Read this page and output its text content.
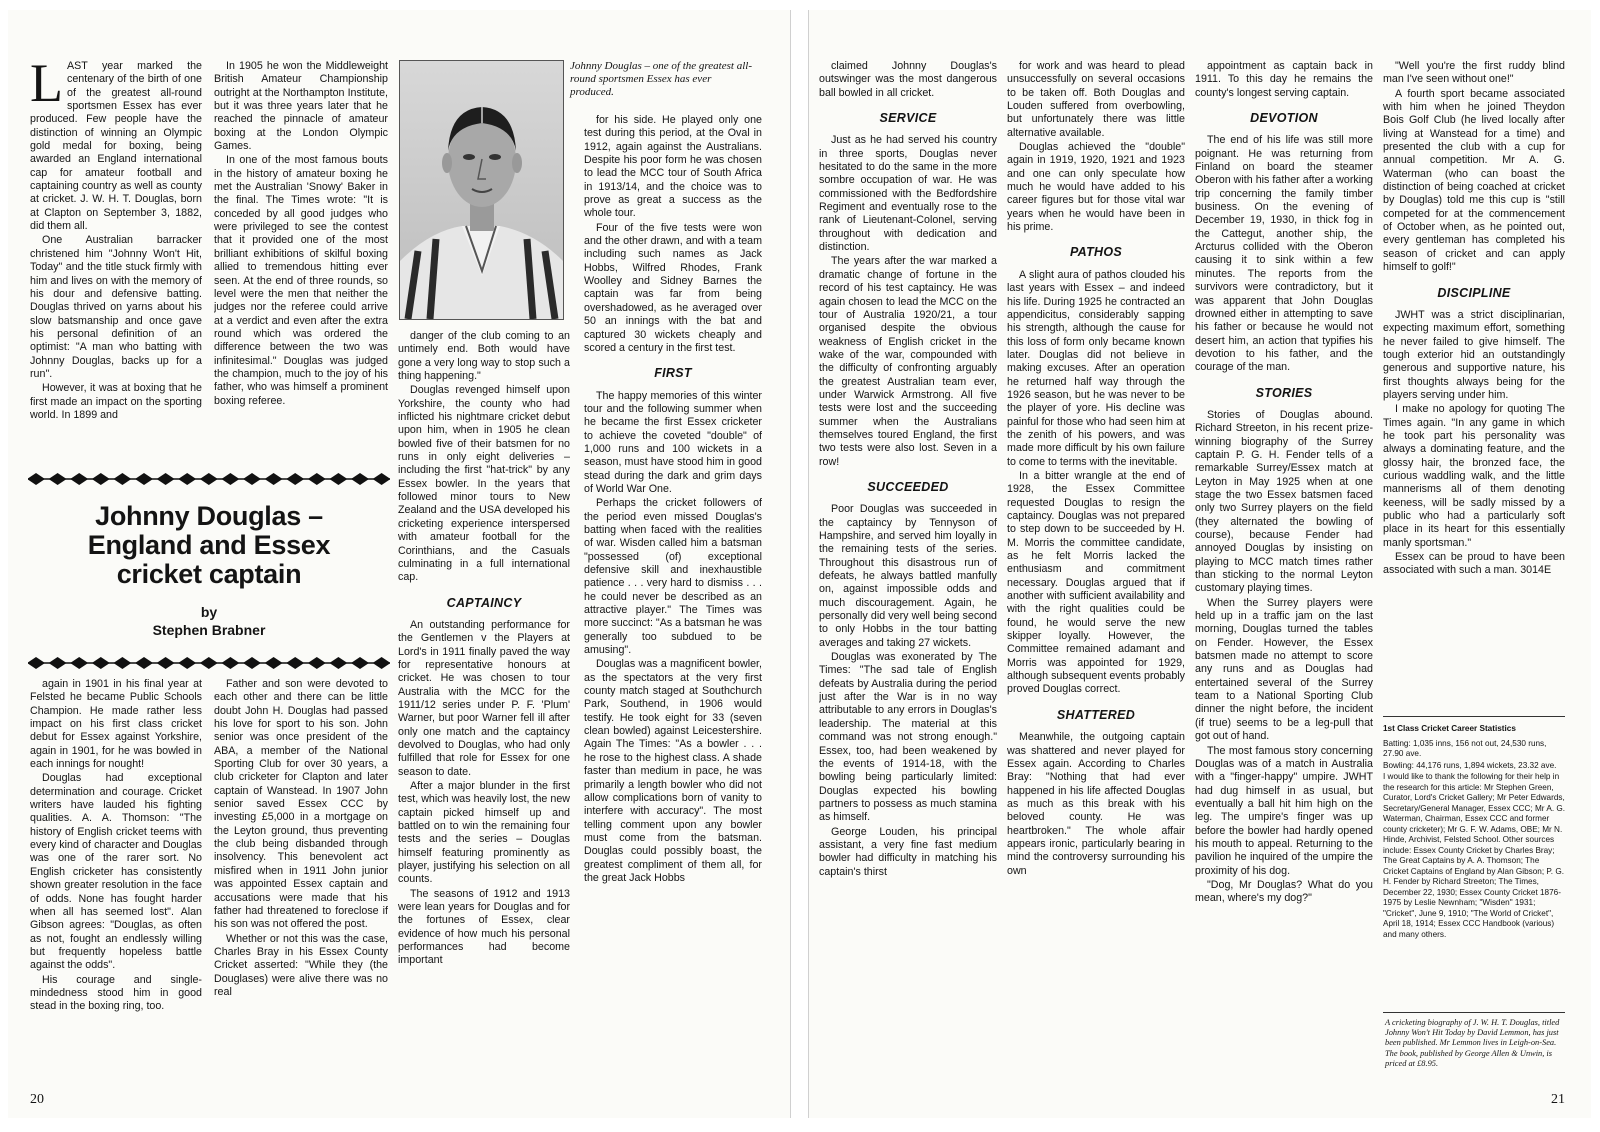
L AST year marked the centenary of the birth of one of the greatest all-round sportsmen Essex has ever produced. Few people have the distinction of winning an Olympic gold medal for boxing, being awarded an England international cap for amateur football and captaining country as well as county at cricket. J. W. H. T. Douglas, born at Clapton on September 3, 1882, did them all.

One Australian barracker christened him "Johnny Won't Hit, Today" and the title stuck firmly with him and lives on with the memory of his dour and defensive batting. Douglas thrived on yarns about his slow batsmanship and once gave his personal definition of an optimist: "A man who batting with Johnny Douglas, backs up for a run".

However, it was at boxing that he first made an impact on the sporting world. In 1899 and

In 1905 he won the Middleweight British Amateur Championship outright at the Northampton Institute, but it was three years later that he reached the pinnacle of amateur boxing at the London Olympic Games.

In one of the most famous bouts in the history of amateur boxing he met the Australian 'Snowy' Baker in the final. The Times wrote: "It is conceded by all good judges who were privileged to see the contest that it provided one of the most brilliant exhibitions of skilful boxing allied to tremendous hitting ever seen. At the end of three rounds, so level were the men that neither the judges nor the referee could arrive at a verdict and even after the extra round which was ordered the difference between the two was infinitesimal." Douglas was judged the champion, much to the joy of his father, who was himself a prominent boxing referee.

Johnny Douglas – one of the greatest all-round sportsmen Essex has ever produced.

danger of the club coming to an untimely end. Both would have gone a very long way to stop such a thing happening."

Douglas revenged himself upon Yorkshire, the county who had inflicted his nightmare cricket debut upon him, when in 1905 he clean bowled five of their batsmen for no runs in only eight deliveries – including the first "hat-trick" by any Essex bowler. In the years that followed minor tours to New Zealand and the USA developed his cricketing experience interspersed with amateur football for the Corinthians, and the Casuals culminating in a full international cap.

CAPTAINCY

An outstanding performance for the Gentlemen v the Players at Lord's in 1911 finally paved the way for representative honours at cricket. He was chosen to tour Australia with the MCC for the 1911/12 series under P. F. 'Plum' Warner, but poor Warner fell ill after only one match and the captaincy devolved to Douglas, who had only fulfilled that role for Essex for one season to date.

After a major blunder in the first test, which was heavily lost, the new captain picked himself up and battled on to win the remaining four tests and the series – Douglas himself featuring prominently as player, justifying his selection on all counts.

The seasons of 1912 and 1913 were lean years for Douglas and for the fortunes of Essex, clear evidence of how much his personal performances had become important

for his side. He played only one test during this period, at the Oval in 1912, again against the Australians. Despite his poor form he was chosen to lead the MCC tour of South Africa in 1913/14, and the choice was to prove as great a success as the whole tour.

Four of the five tests were won and the other drawn, and with a team including such names as Jack Hobbs, Wilfred Rhodes, Frank Woolley and Sidney Barnes the captain was far from being overshadowed, as he averaged over 50 an innings with the bat and captured 30 wickets cheaply and scored a century in the first test.

FIRST

The happy memories of this winter tour and the following summer when he became the first Essex cricketer to achieve the coveted "double" of 1,000 runs and 100 wickets in a season, must have stood him in good stead during the dark and grim days of World War One.

Perhaps the cricket followers of the period even missed Douglas's batting when faced with the realities of war. Wisden called him a batsman "possessed (of) exceptional defensive skill and inexhaustible patience . . . very hard to dismiss . . . he could never be described as an attractive player." The Times was more succinct: "As a batsman he was generally too subdued to be amusing".

Douglas was a magnificent bowler, as the spectators at the very first county match staged at Southchurch Park, Southend, in 1906 would testify. He took eight for 33 (seven clean bowled) against Leicestershire. Again The Times: "As a bowler . . . he rose to the highest class. A shade faster than medium in pace, he was primarily a length bowler who did not allow complications born of vanity to interfere with accuracy". The most telling comment upon any bowler must come from the batsman. Douglas could possibly boast, the greatest compliment of them all, for the great Jack Hobbs

Johnny Douglas –
England and Essex
cricket captain
by
Stephen Brabner

again in 1901 in his final year at Felsted he became Public Schools Champion. He made rather less impact on his first class cricket debut for Essex against Yorkshire, again in 1901, for he was bowled in each innings for nought!

Douglas had exceptional determination and courage. Cricket writers have lauded his fighting qualities. A. A. Thomson: "The history of English cricket teems with every kind of character and Douglas was one of the rarer sort. No English cricketer has consistently shown greater resolution in the face of odds. None has fought harder when all has seemed lost". Alan Gibson agrees: "Douglas, as often as not, fought an endlessly willing but frequently hopeless battle against the odds".

His courage and single-mindedness stood him in good stead in the boxing ring, too.

Father and son were devoted to each other and there can be little doubt John H. Douglas had passed his love for sport to his son. John senior was once president of the ABA, a member of the National Sporting Club for over 30 years, a club cricketer for Clapton and later captain of Wanstead. In 1907 John senior saved Essex CCC by investing £5,000 in a mortgage on the Leyton ground, thus preventing the club being disbanded through insolvency. This benevolent act misfired when in 1911 John junior was appointed Essex captain and accusations were made that his father had threatened to foreclose if his son was not offered the post.

Whether or not this was the case, Charles Bray in his Essex County Cricket asserted: "While they (the Douglases) were alive there was no real

20

claimed Johnny Douglas's outswinger was the most dangerous ball bowled in all cricket.

SERVICE

Just as he had served his country in three sports, Douglas never hesitated to do the same in the more sombre occupation of war. He was commissioned with the Bedfordshire Regiment and eventually rose to the rank of Lieutenant-Colonel, serving throughout with dedication and distinction.

The years after the war marked a dramatic change of fortune in the record of his test captaincy. He was again chosen to lead the MCC on the tour of Australia 1920/21, a tour organised despite the obvious weakness of English cricket in the wake of the war, compounded with the difficulty of confronting arguably the greatest Australian team ever, under Warwick Armstrong. All five tests were lost and the succeeding summer when the Australians themselves toured England, the first two tests were also lost. Seven in a row!

SUCCEEDED

Poor Douglas was succeeded in the captaincy by Tennyson of Hampshire, and served him loyally in the remaining tests of the series. Throughout this disastrous run of defeats, he always battled manfully on, against impossible odds and much discouragement. Again, he personally did very well being second to only Hobbs in the tour batting averages and taking 27 wickets.

Douglas was exonerated by The Times: "The sad tale of English defeats by Australia during the period just after the War is in no way attributable to any errors in Douglas's leadership. The material at this command was not strong enough." Essex, too, had been weakened by the events of 1914-18, with the bowling being particularly limited: Douglas expected his bowling partners to possess as much stamina as himself.

George Louden, his principal assistant, a very fine fast medium bowler had difficulty in matching his captain's thirst

for work and was heard to plead unsuccessfully on several occasions to be taken off. Both Douglas and Louden suffered from overbowling, but unfortunately there was little alternative available.

Douglas achieved the "double" again in 1919, 1920, 1921 and 1923 and one can only speculate how much he would have added to his career figures but for those vital war years when he would have been in his prime.

PATHOS

A slight aura of pathos clouded his last years with Essex – and indeed his life. During 1925 he contracted an appendicitus, considerably sapping his strength, although the cause for this loss of form only became known later. Douglas did not believe in making excuses. After an operation he returned half way through the 1926 season, but he was never to be the player of yore. His decline was painful for those who had seen him at the zenith of his powers, and was made more difficult by his own failure to come to terms with the inevitable.

In a bitter wrangle at the end of 1928, the Essex Committee requested Douglas to resign the captaincy. Douglas was not prepared to step down to be succeeded by H. M. Morris the committee candidate, as he felt Morris lacked the enthusiasm and commitment necessary. Douglas argued that if another with sufficient availability and with the right qualities could be found, he would serve the new skipper loyally. However, the Committee remained adamant and Morris was appointed for 1929, although subsequent events probably proved Douglas correct.

SHATTERED

Meanwhile, the outgoing captain was shattered and never played for Essex again. According to Charles Bray: "Nothing that had ever happened in his life affected Douglas as much as this break with his beloved county. He was heartbroken." The whole affair appears ironic, particularly bearing in mind the controversy surrounding his own

appointment as captain back in 1911. To this day he remains the county's longest serving captain.

DEVOTION

The end of his life was still more poignant. He was returning from Finland on board the steamer Oberon with his father after a working trip concerning the family timber business. On the evening of December 19, 1930, in thick fog in the Cattegut, another ship, the Arcturus collided with the Oberon causing it to sink within a few minutes. The reports from the survivors were contradictory, but it was apparent that John Douglas drowned either in attempting to save his father or because he would not desert him, an action that typifies his devotion to his father, and the courage of the man.

STORIES

Stories of Douglas abound. Richard Streeton, in his recent prize-winning biography of the Surrey captain P. G. H. Fender tells of a remarkable Surrey/Essex match at Leyton in May 1925 when at one stage the two Essex batsmen faced only two Surrey players on the field (they alternated the bowling of course), because Fender had annoyed Douglas by insisting on playing to MCC match times rather than sticking to the normal Leyton customary playing times.

When the Surrey players were held up in a traffic jam on the last morning, Douglas turned the tables on Fender. However, the Essex batsmen made no attempt to score any runs and as Douglas had entertained several of the Surrey team to a National Sporting Club dinner the night before, the incident (if true) seems to be a leg-pull that got out of hand.

The most famous story concerning Douglas was of a match in Australia with a "finger-happy" umpire. JWHT had dug himself in as usual, but eventually a ball hit him high on the leg. The umpire's finger was up before the bowler had hardly opened his mouth to appeal. Returning to the pavilion he inquired of the umpire the proximity of his dog.

"Dog, Mr Douglas? What do you mean, where's my dog?"

"Well you're the first ruddy blind man I've seen without one!"

A fourth sport became associated with him when he joined Theydon Bois Golf Club (he lived locally after living at Wanstead for a time) and presented the club with a cup for annual competition. Mr A. G. Waterman (who can boast the distinction of being coached at cricket by Douglas) told me this cup is "still competed for at the commencement of October when, as he pointed out, every gentleman has completed his season of cricket and can apply himself to golf!"

DISCIPLINE

JWHT was a strict disciplinarian, expecting maximum effort, something he never failed to give himself. The tough exterior hid an outstandingly generous and supportive nature, his first thoughts always being for the players serving under him.

I make no apology for quoting The Times again. "In any game in which he took part his personality was always a dominating feature, and the glossy hair, the bronzed face, the curious waddling walk, and the little mannerisms all of them denoting keeness, will be sadly missed by a public who had a particularly soft place in its heart for this essentially manly sportsman."

Essex can be proud to have been associated with such a man. 3014E

1st Class Cricket Career Statistics

Batting: 1,035 inns, 156 not out, 24,530 runs, 27.90 ave.

Bowling: 44,176 runs, 1,894 wickets, 23.32 ave.

I would like to thank the following for their help in the research for this article: Mr Stephen Green, Curator, Lord's Cricket Gallery; Mr Peter Edwards, Secretary/General Manager, Essex CCC; Mr A. G. Waterman, Chairman, Essex CCC and former county cricketer); Mr G. F. W. Adams, OBE; Mr N. Hinde, Archivist, Felsted School. Other sources include: Essex County Cricket by Charles Bray; The Great Captains by A. A. Thomson; The Cricket Captains of England by Alan Gibson; P. G. H. Fender by Richard Streeton; The Times, December 22, 1930; Essex County Cricket 1876-1975 by Leslie Newnham; "Wisden" 1931; "Cricket", June 9, 1910; "The World of Cricket", April 18, 1914; Essex CCC Handbook (various) and many others.

A cricketing biography of J. W. H. T. Douglas, titled Johnny Won't Hit Today by David Lemmon, has just been published. Mr Lemmon lives in Leigh-on-Sea. The book, published by George Allen & Unwin, is priced at £8.95.
21
